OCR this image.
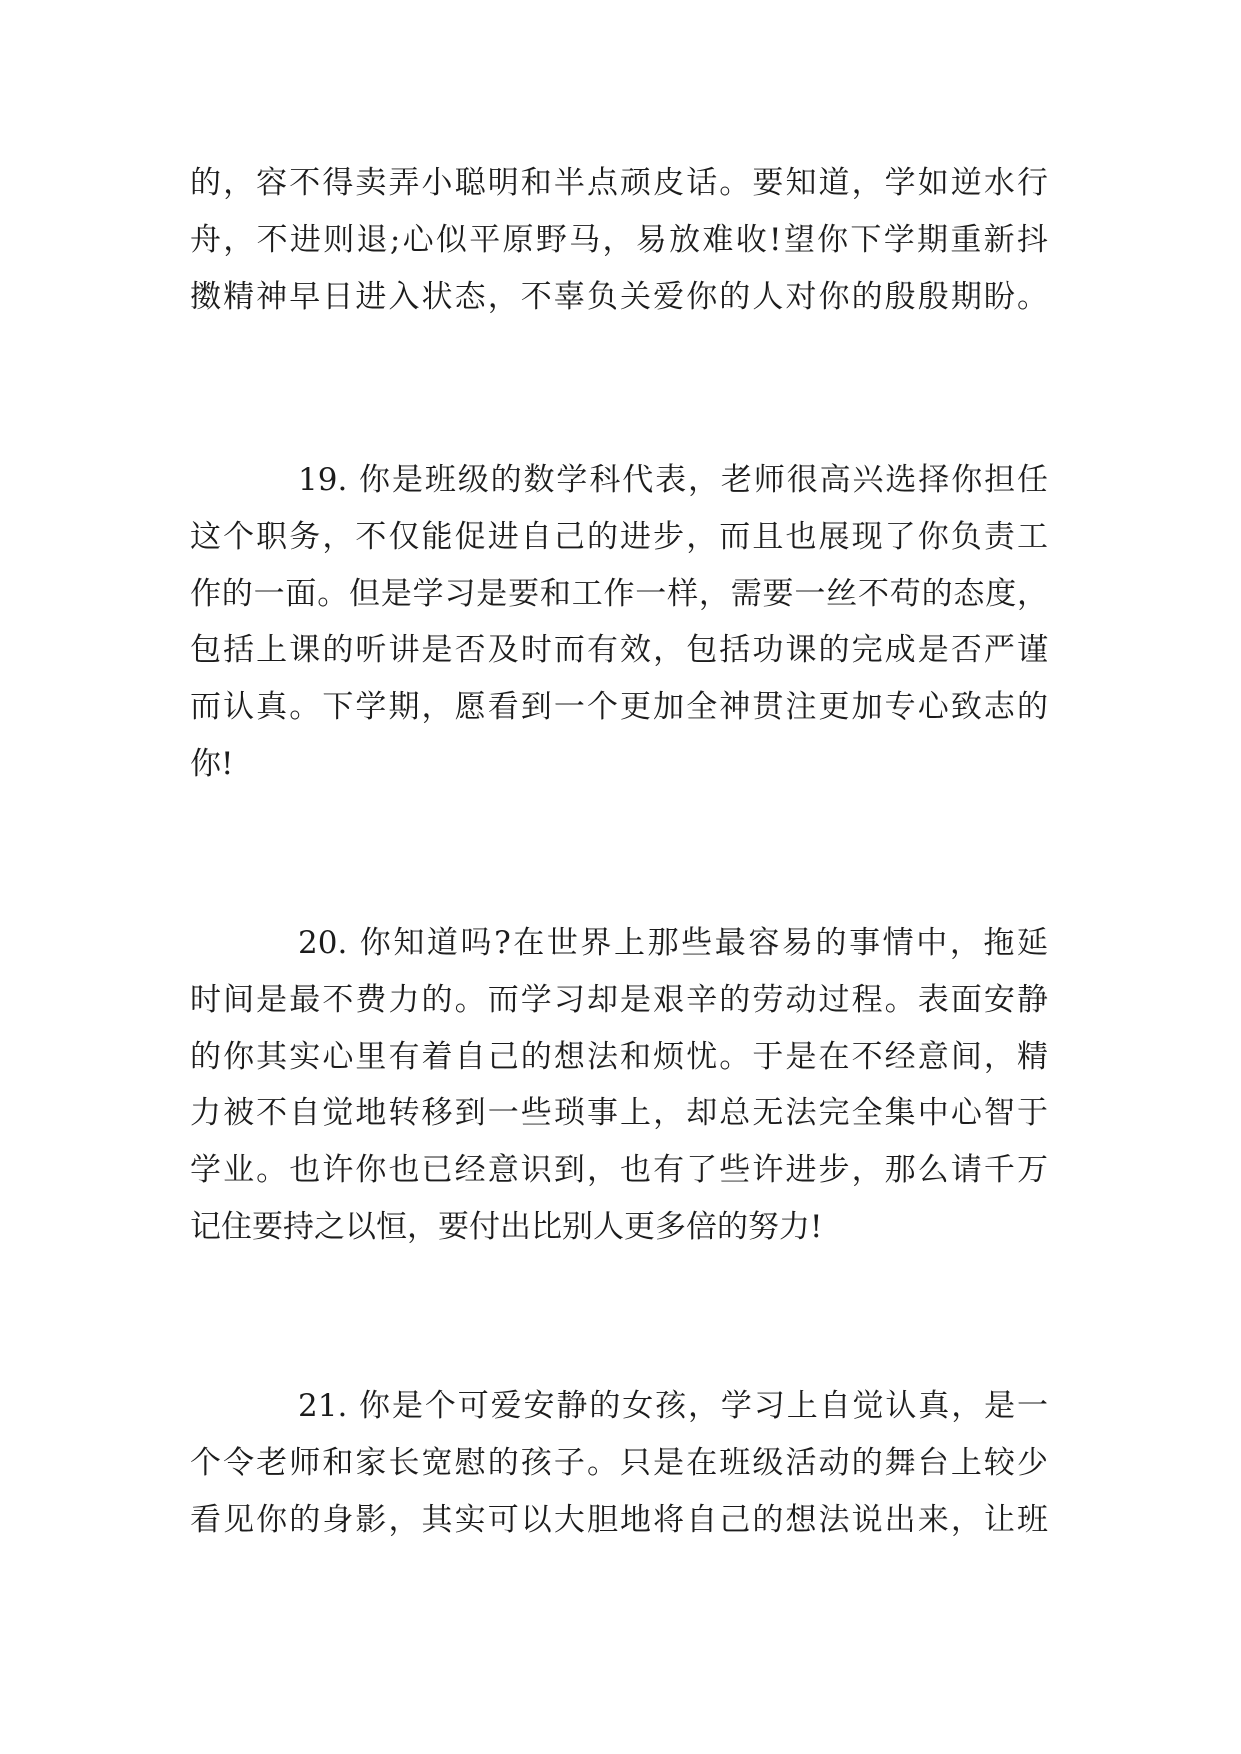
的，容不得卖弄小聪明和半点顽皮话。要知道，学如逆水行
舟，不进则退;心似平原野马，易放难收!望你下学期重新抖
擞精神早日进入状态，不辜负关爱你的人对你的殷殷期盼。
19. 你是班级的数学科代表，老师很高兴选择你担任
这个职务，不仅能促进自己的进步，而且也展现了你负责工
作的一面。但是学习是要和工作一样，需要一丝不苟的态度，
包括上课的听讲是否及时而有效，包括功课的完成是否严谨
而认真。下学期，愿看到一个更加全神贯注更加专心致志的
你!
20. 你知道吗?在世界上那些最容易的事情中，拖延
时间是最不费力的。而学习却是艰辛的劳动过程。表面安静
的你其实心里有着自己的想法和烦忧。于是在不经意间，精
力被不自觉地转移到一些琐事上，却总无法完全集中心智于
学业。也许你也已经意识到，也有了些许进步，那么请千万
记住要持之以恒，要付出比别人更多倍的努力!
21. 你是个可爱安静的女孩，学习上自觉认真，是一
个令老师和家长宽慰的孩子。只是在班级活动的舞台上较少
看见你的身影，其实可以大胆地将自己的想法说出来，让班
